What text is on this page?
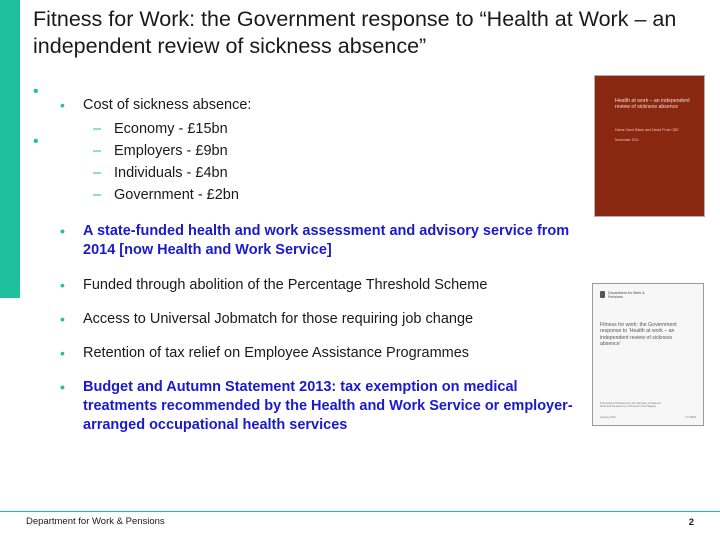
Fitness for Work: the Government response to “Health at Work – an independent review of sickness absence”
•
•
• Cost of sickness absence:
– Economy - £15bn
– Employers - £9bn
– Individuals - £4bn
– Government - £2bn
• A state-funded health and work assessment and advisory service from 2014 [now Health and Work Service]
• Funded through abolition of the Percentage Threshold Scheme
• Access to Universal Jobmatch for those requiring job change
• Retention of tax relief on Employee Assistance Programmes
• Budget and Autumn Statement 2013: tax exemption on medical treatments recommended by the Health and Work Service or employer-arranged occupational health services
Health at work – an independent review of sickness absence
Dame Carol Black and David Frost CBE
November 2011
Department for Work & Pensions
Fitness for work: the Government response to ‘Health at work – an independent review of sickness absence’
Presented to Parliament by the Secretary of State for Work and Pensions by Command of Her Majesty
January 2013	Cm 8523
Department for Work & Pensions	2
